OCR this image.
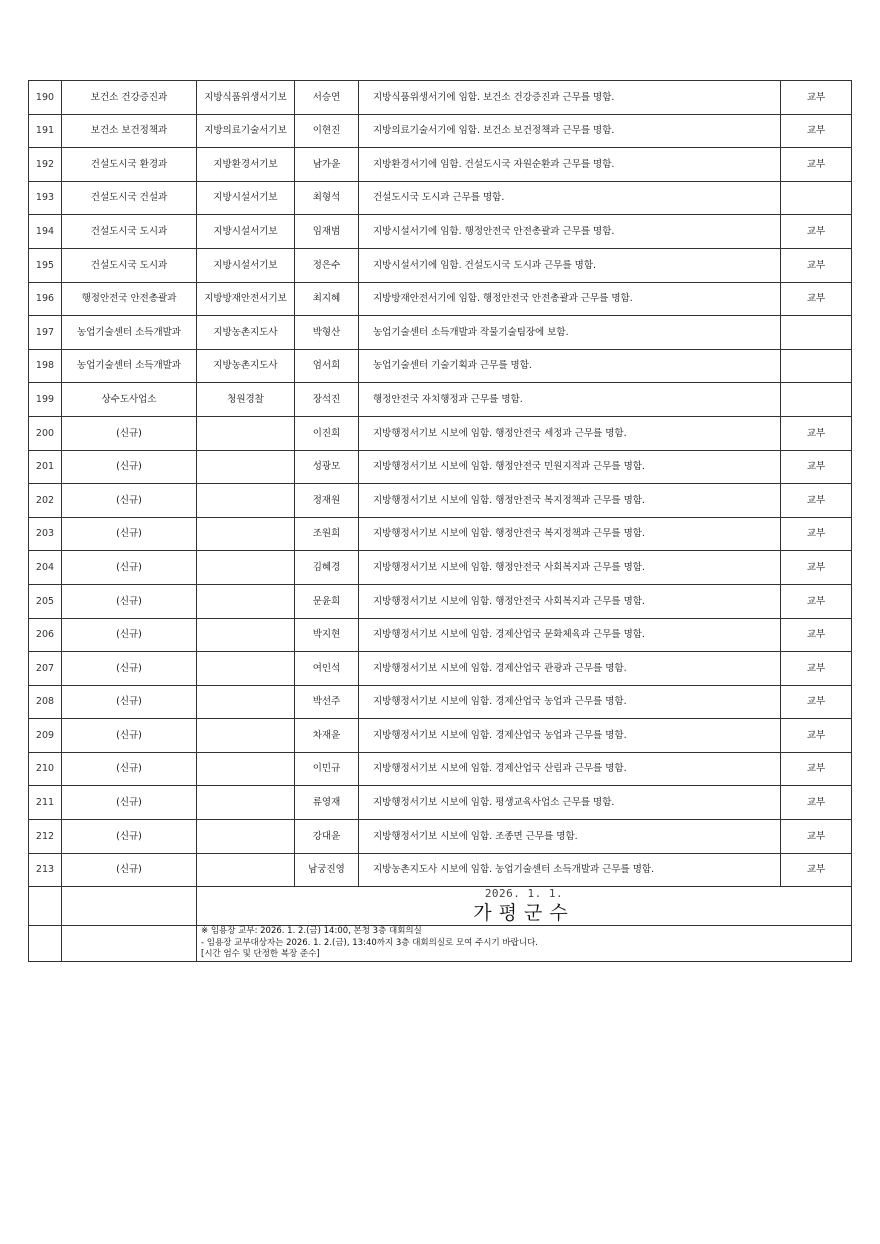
190	보건소 건강증진과	지방식품위생서기보	서승연	지방식품위생서기에 임함. 보건소 건강증진과 근무를 명함.	교부
191	보건소 보건정책과	지방의료기술서기보	이현진	지방의료기술서기에 임함. 보건소 보건정책과 근무를 명함.	교부
192	건설도시국 환경과	지방환경서기보	남가윤	지방환경서기에 임함. 건설도시국 자원순환과 근무를 명함.	교부
193	건설도시국 건설과	지방시설서기보	최형석	건설도시국 도시과 근무를 명함.	
194	건설도시국 도시과	지방시설서기보	임재범	지방시설서기에 임함. 행정안전국 안전총괄과 근무를 명함.	교부
195	건설도시국 도시과	지방시설서기보	정은수	지방시설서기에 임함. 건설도시국 도시과 근무를 명함.	교부
196	행정안전국 안전총괄과	지방방재안전서기보	최지혜	지방방재안전서기에 임함. 행정안전국 안전총괄과 근무를 명함.	교부
197	농업기술센터 소득개발과	지방농촌지도사	박형산	농업기술센터 소득개발과 작물기술팀장에 보함.	
198	농업기술센터 소득개발과	지방농촌지도사	엄서희	농업기술센터 기술기획과 근무를 명함.	
199	상수도사업소	청원경찰	장석진	행정안전국 자치행정과 근무를 명함.	
200	(신규)		이진희	지방행정서기보 시보에 임함. 행정안전국 세정과 근무를 명함.	교부
201	(신규)		성광모	지방행정서기보 시보에 임함. 행정안전국 민원지적과 근무를 명함.	교부
202	(신규)		정재원	지방행정서기보 시보에 임함. 행정안전국 복지정책과 근무를 명함.	교부
203	(신규)		조원희	지방행정서기보 시보에 임함. 행정안전국 복지정책과 근무를 명함.	교부
204	(신규)		김혜경	지방행정서기보 시보에 임함. 행정안전국 사회복지과 근무를 명함.	교부
205	(신규)		문윤희	지방행정서기보 시보에 임함. 행정안전국 사회복지과 근무를 명함.	교부
206	(신규)		박지현	지방행정서기보 시보에 임함. 경제산업국 문화체육과 근무를 명함.	교부
207	(신규)		여인석	지방행정서기보 시보에 임함. 경제산업국 관광과 근무를 명함.	교부
208	(신규)		박선주	지방행정서기보 시보에 임함. 경제산업국 농업과 근무를 명함.	교부
209	(신규)		차재윤	지방행정서기보 시보에 임함. 경제산업국 농업과 근무를 명함.	교부
210	(신규)		이민규	지방행정서기보 시보에 임함. 경제산업국 산림과 근무를 명함.	교부
211	(신규)		류영재	지방행정서기보 시보에 임함. 평생교육사업소 근무를 명함.	교부
212	(신규)		강대윤	지방행정서기보 시보에 임함. 조종면 근무를 명함.	교부
213	(신규)		남궁진영	지방농촌지도사 시보에 임함. 농업기술센터 소득개발과 근무를 명함.	교부

		2026. 1. 1.
가평군수			

		※ 임용장 교부: 2026. 1. 2.(금) 14:00, 본청 3층 대회의실
- 임용장 교부대상자는 2026. 1. 2.(금), 13:40까지 3층 대회의실로 모여 주시기 바랍니다.
[시간 엄수 및 단정한 복장 준수]			
